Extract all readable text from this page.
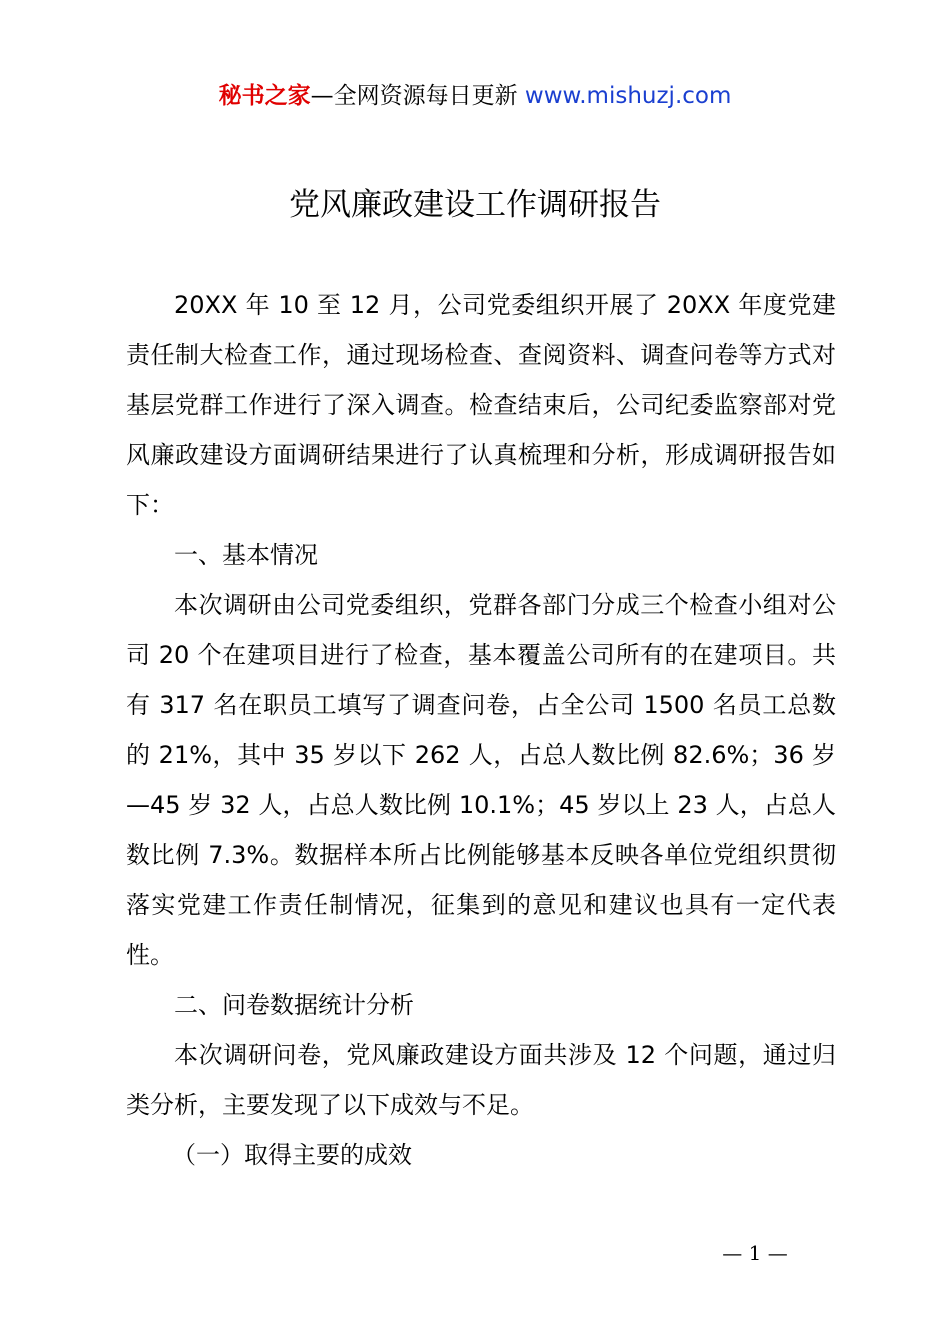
秘书之家—全网资源每日更新 www.mishuzj.com
党风廉政建设工作调研报告

20XX 年 10 至 12 月，公司党委组织开展了 20XX 年度党建责任制大检查工作，通过现场检查、查阅资料、调查问卷等方式对基层党群工作进行了深入调查。检查结束后，公司纪委监察部对党风廉政建设方面调研结果进行了认真梳理和分析，形成调研报告如下：

一、基本情况

本次调研由公司党委组织，党群各部门分成三个检查小组对公司 20 个在建项目进行了检查，基本覆盖公司所有的在建项目。共有 317 名在职员工填写了调查问卷，占全公司 1500 名员工总数的 21%，其中 35 岁以下 262 人，占总人数比例 82.6%；36 岁—45 岁 32 人，占总人数比例 10.1%；45 岁以上 23 人，占总人数比例 7.3%。数据样本所占比例能够基本反映各单位党组织贯彻落实党建工作责任制情况，征集到的意见和建议也具有一定代表性。

二、问卷数据统计分析

本次调研问卷，党风廉政建设方面共涉及 12 个问题，通过归类分析，主要发现了以下成效与不足。

（一）取得主要的成效

— 1 —
